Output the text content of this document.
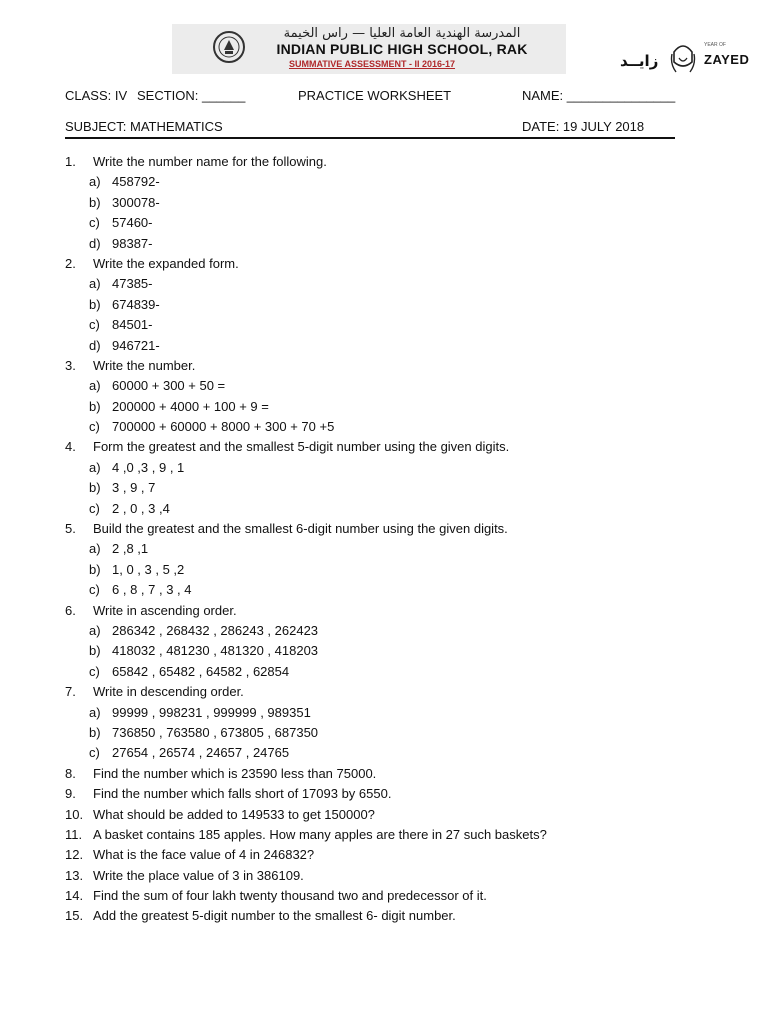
المدرسة الهندية العامة العليا — راس الخيمة
INDIAN PUBLIC HIGH SCHOOL, RAK
SUMMATIVE ASSESSMENT - II 2016-17	زايــد
YEAR OF
ZAYED
CLASS: IV SECTION: ______	PRACTICE WORKSHEET	NAME: _______________
SUBJECT: MATHEMATICS	DATE: 19 JULY 2018
1. Write the number name for the following.
a) 458792-
b) 300078-
c) 57460-
d) 98387-
2. Write the expanded form.
a) 47385-
b) 674839-
c) 84501-
d) 946721-
3. Write the number.
a) 60000 + 300 + 50 =
b) 200000 + 4000 + 100 + 9 =
c) 700000 + 60000 + 8000 + 300 + 70 +5
4. Form the greatest and the smallest 5-digit number using the given digits.
a) 4 ,0 ,3 , 9 , 1
b) 3 , 9 , 7
c) 2 , 0 , 3 ,4
5. Build the greatest and the smallest 6-digit number using the given digits.
a) 2 ,8 ,1
b) 1, 0 , 3 , 5 ,2
c) 6 , 8 , 7 , 3 , 4
6. Write in ascending order.
a) 286342 , 268432 , 286243 , 262423
b) 418032 , 481230 , 481320 , 418203
c) 65842 , 65482 , 64582 , 62854
7. Write in descending order.
a) 99999 , 998231 , 999999 , 989351
b) 736850 , 763580 , 673805 , 687350
c) 27654 , 26574 , 24657 , 24765
8. Find the number which is 23590 less than 75000.
9. Find the number which falls short of 17093 by 6550.
10. What should be added to 149533 to get 150000?
11. A basket contains 185 apples. How many apples are there in 27 such baskets?
12. What is the face value of 4 in 246832?
13. Write the place value of 3 in 386109.
14. Find the sum of four lakh twenty thousand two and predecessor of it.
15. Add the greatest 5-digit number to the smallest 6- digit number.
